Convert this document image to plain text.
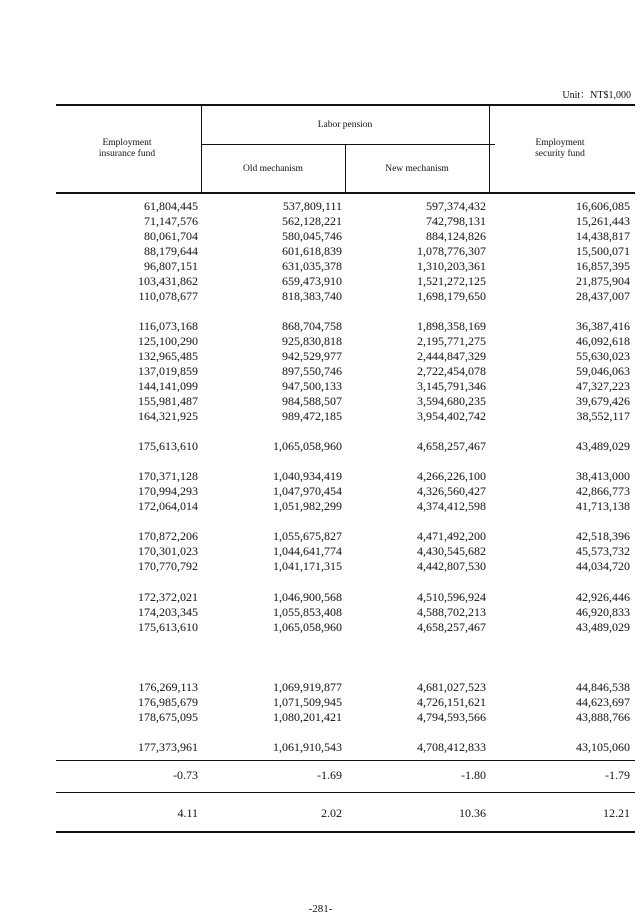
Unit：NT$1,000
Employment insurance fund
Labor pension
Old mechanism	New mechanism
Employment security fund
61,804,445	537,809,111	597,374,432	16,606,085
71,147,576	562,128,221	742,798,131	15,261,443
80,061,704	580,045,746	884,124,826	14,438,817
88,179,644	601,618,839	1,078,776,307	15,500,071
96,807,151	631,035,378	1,310,203,361	16,857,395
103,431,862	659,473,910	1,521,272,125	21,875,904
110,078,677	818,383,740	1,698,179,650	28,437,007
116,073,168	868,704,758	1,898,358,169	36,387,416
125,100,290	925,830,818	2,195,771,275	46,092,618
132,965,485	942,529,977	2,444,847,329	55,630,023
137,019,859	897,550,746	2,722,454,078	59,046,063
144,141,099	947,500,133	3,145,791,346	47,327,223
155,981,487	984,588,507	3,594,680,235	39,679,426
164,321,925	989,472,185	3,954,402,742	38,552,117
175,613,610	1,065,058,960	4,658,257,467	43,489,029
170,371,128	1,040,934,419	4,266,226,100	38,413,000
170,994,293	1,047,970,454	4,326,560,427	42,866,773
172,064,014	1,051,982,299	4,374,412,598	41,713,138
170,872,206	1,055,675,827	4,471,492,200	42,518,396
170,301,023	1,044,641,774	4,430,545,682	45,573,732
170,770,792	1,041,171,315	4,442,807,530	44,034,720
172,372,021	1,046,900,568	4,510,596,924	42,926,446
174,203,345	1,055,853,408	4,588,702,213	46,920,833
175,613,610	1,065,058,960	4,658,257,467	43,489,029
176,269,113	1,069,919,877	4,681,027,523	44,846,538
176,985,679	1,071,509,945	4,726,151,621	44,623,697
178,675,095	1,080,201,421	4,794,593,566	43,888,766
177,373,961	1,061,910,543	4,708,412,833	43,105,060
-0.73	-1.69	-1.80	-1.79
4.11	2.02	10.36	12.21
-281-
